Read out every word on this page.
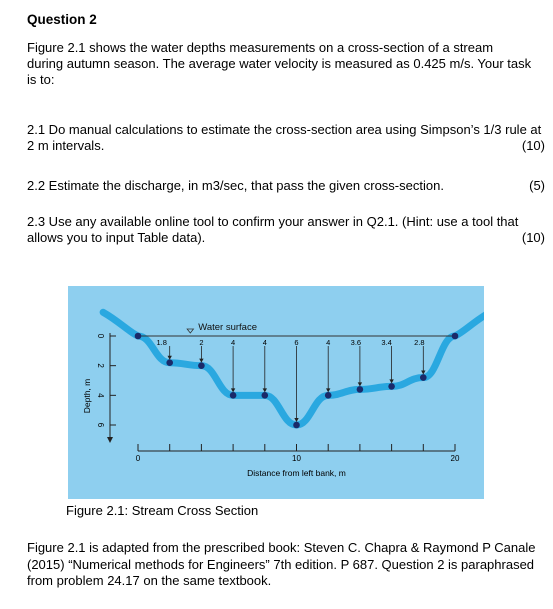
Question 2
Figure 2.1 shows the water depths measurements on a cross-section of a stream during autumn season. The average water velocity is measured as 0.425 m/s. Your task is to:
2.1 Do manual calculations to estimate the cross-section area using Simpson’s 1/3 rule at 2 m intervals.	(10)
2.2 Estimate the discharge, in m3/sec, that pass the given cross-section.	(5)
2.3 Use any available online tool to confirm your answer in Q2.1. (Hint: use a tool that allows you to input Table data).	(10)
Water surface
0
2
4
6
Depth, m
0	10	20
Distance from left bank, m
1.8	2	4	4	6	4	3.6	3.4	2.8
Figure 2.1: Stream Cross Section
Figure 2.1 is adapted from the prescribed book: Steven C. Chapra & Raymond P Canale (2015) “Numerical methods for Engineers” 7th edition. P 687. Question 2 is paraphrased from problem 24.17 on the same textbook.
